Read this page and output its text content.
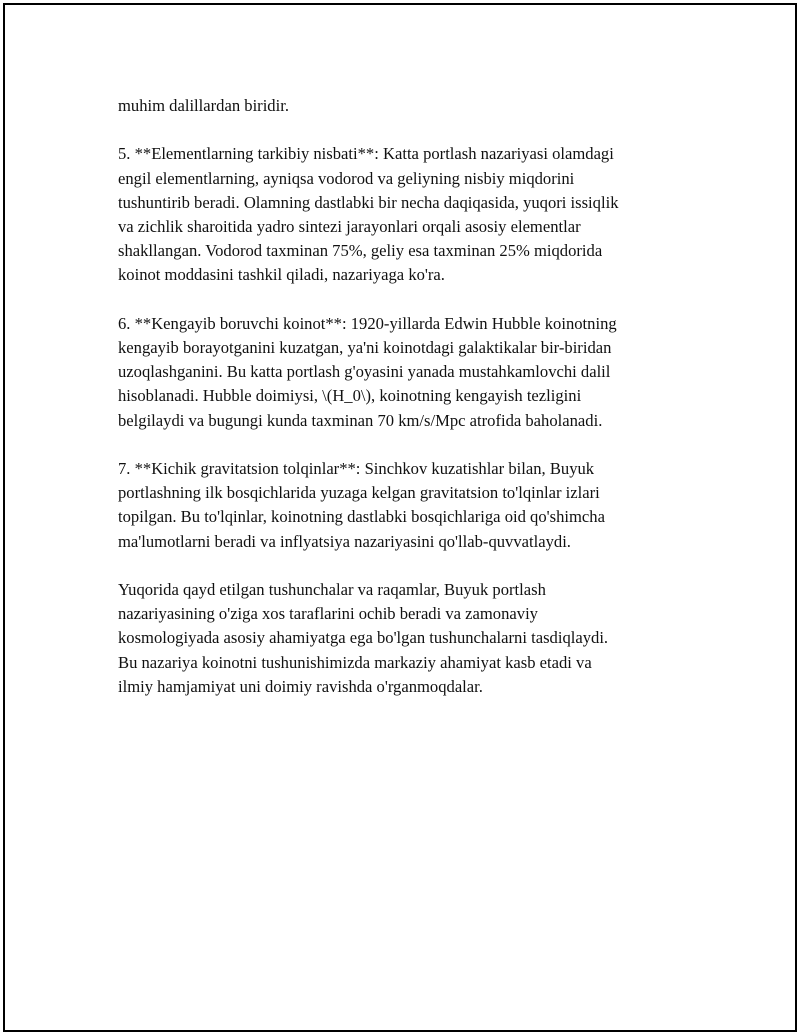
muhim dalillardan biridir.

5. **Elementlarning tarkibiy nisbati**: Katta portlash nazariyasi olamdagi
engil elementlarning, ayniqsa vodorod va geliyning nisbiy miqdorini
tushuntirib beradi. Olamning dastlabki bir necha daqiqasida, yuqori issiqlik
va zichlik sharoitida yadro sintezi jarayonlari orqali asosiy elementlar
shakllangan. Vodorod taxminan 75%, geliy esa taxminan 25% miqdorida
koinot moddasini tashkil qiladi, nazariyaga ko'ra.

6. **Kengayib boruvchi koinot**: 1920-yillarda Edwin Hubble koinotning
kengayib borayotganini kuzatgan, ya'ni koinotdagi galaktikalar bir-biridan
uzoqlashganini. Bu katta portlash g'oyasini yanada mustahkamlovchi dalil
hisoblanadi. Hubble doimiysi, \(H_0\), koinotning kengayish tezligini
belgilaydi va bugungi kunda taxminan 70 km/s/Mpc atrofida baholanadi.

7. **Kichik gravitatsion tolqinlar**: Sinchkov kuzatishlar bilan, Buyuk
portlashning ilk bosqichlarida yuzaga kelgan gravitatsion to'lqinlar izlari
topilgan. Bu to'lqinlar, koinotning dastlabki bosqichlariga oid qo'shimcha
ma'lumotlarni beradi va inflyatsiya nazariyasini qo'llab-quvvatlaydi.

Yuqorida qayd etilgan tushunchalar va raqamlar, Buyuk portlash
nazariyasining o'ziga xos taraflarini ochib beradi va zamonaviy
kosmologiyada asosiy ahamiyatga ega bo'lgan tushunchalarni tasdiqlaydi.
Bu nazariya koinotni tushunishimizda markaziy ahamiyat kasb etadi va
ilmiy hamjamiyat uni doimiy ravishda o'rganmoqdalar.
